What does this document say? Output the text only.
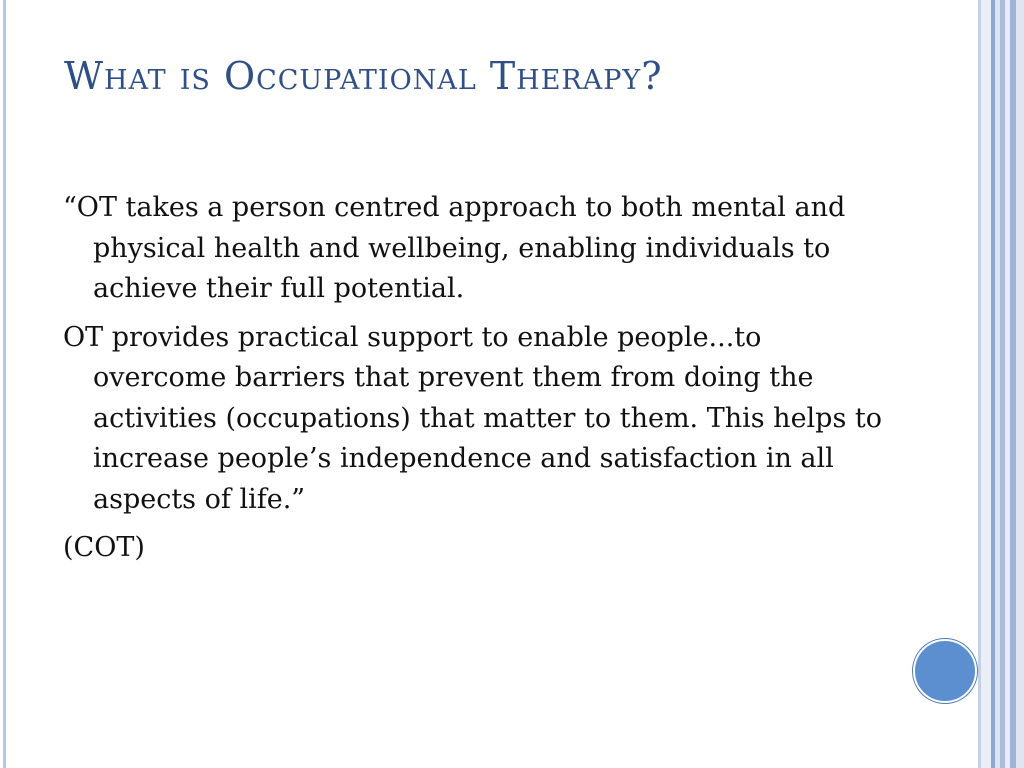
What is Occupational Therapy?

“OT takes a person centred approach to both mental and physical health and wellbeing, enabling individuals to achieve their full potential.

OT provides practical support to enable people...to overcome barriers that prevent them from doing the activities (occupations) that matter to them. This helps to increase people’s independence and satisfaction in all aspects of life.”

(COT)
